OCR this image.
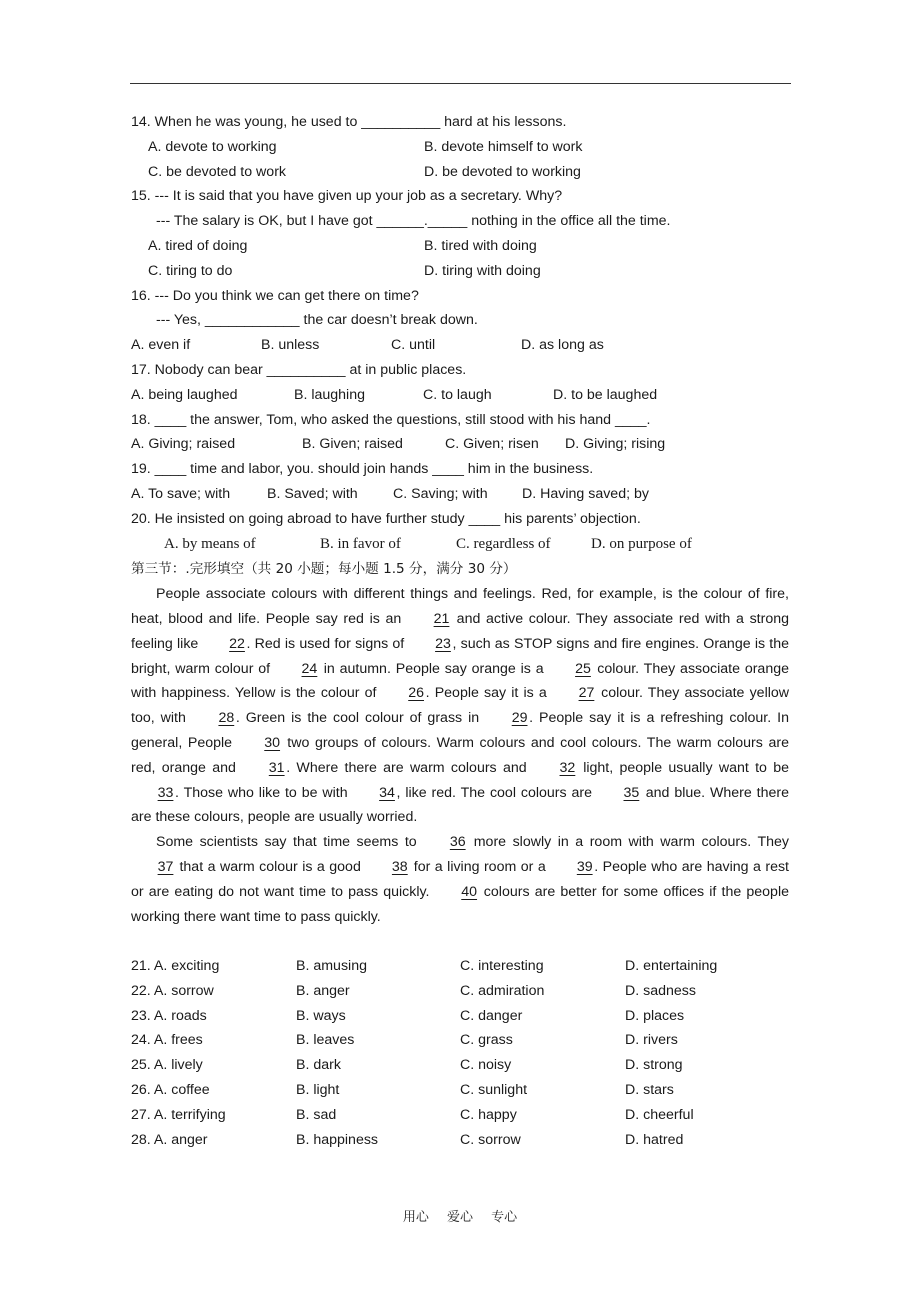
14. When he was young, he used to __________ hard at his lessons.

A. devote to working	B. devote himself to work
C. be devoted to work	D. be devoted to working

15. --- It is said that you have given up your job as a secretary. Why?

--- The salary is OK, but I have got ______._____ nothing in the office all the time.

A. tired of doing	B. tired with doing
C. tiring to do	D. tiring with doing

16. --- Do you think we can get there on time?

--- Yes, ____________ the car doesn’t break down.

A. even if	B. unless	C. until	D. as long as

17. Nobody can bear __________ at in public places.

A. being laughed	B. laughing	C. to laugh	D. to be laughed

18. ____ the answer, Tom, who asked the questions, still stood with his hand ____.

A. Giving; raised	B. Given; raised	C. Given; risen	D. Giving; rising

19. ____ time and labor, you. should join hands ____ him in the business.

A. To save; with	B. Saved; with	C. Saving; with	D. Having saved; by

20. He insisted on going abroad to have further study ____ his parents’ objection.

A. by means of	B. in favor of	C. regardless of	D. on purpose of
第三节：.完形填空（共 20 小题；每小题 1.5 分，满分 30 分）

People associate colours with different things and feelings. Red, for example, is the colour of fire, heat, blood and life. People say red is an 21 and active colour. They associate red with a strong feeling like 22 . Red is used for signs of 23 , such as STOP signs and fire engines. Orange is the bright, warm colour of 24 in autumn. People say orange is a 25 colour. They associate orange with happiness. Yellow is the colour of 26 . People say it is a 27 colour. They associate yellow too, with 28 . Green is the cool colour of grass in 29 . People say it is a refreshing colour. In general, People 30 two groups of colours. Warm colours and cool colours. The warm colours are red, orange and 31 . Where there are warm colours and 32 light, people usually want to be 33 . Those who like to be with 34 , like red. The cool colours are 35 and blue. Where there are these colours, people are usually worried.

Some scientists say that time seems to 36 more slowly in a room with warm colours. They 37 that a warm colour is a good 38 for a living room or a 39 . People who are having a rest or are eating do not want time to pass quickly. 40 colours are better for some offices if the people working there want time to pass quickly.

21. A. exciting	B. amusing	C. interesting	D. entertaining
22. A. sorrow	B. anger	C. admiration	D. sadness
23. A. roads	B. ways	C. danger	D. places
24. A. frees	B. leaves	C. grass	D. rivers
25. A. lively	B. dark	C. noisy	D. strong
26. A. coffee	B. light	C. sunlight	D. stars
27. A. terrifying	B. sad	C. happy	D. cheerful
28. A. anger	B. happiness	C. sorrow	D. hatred
用心 爱心 专心
